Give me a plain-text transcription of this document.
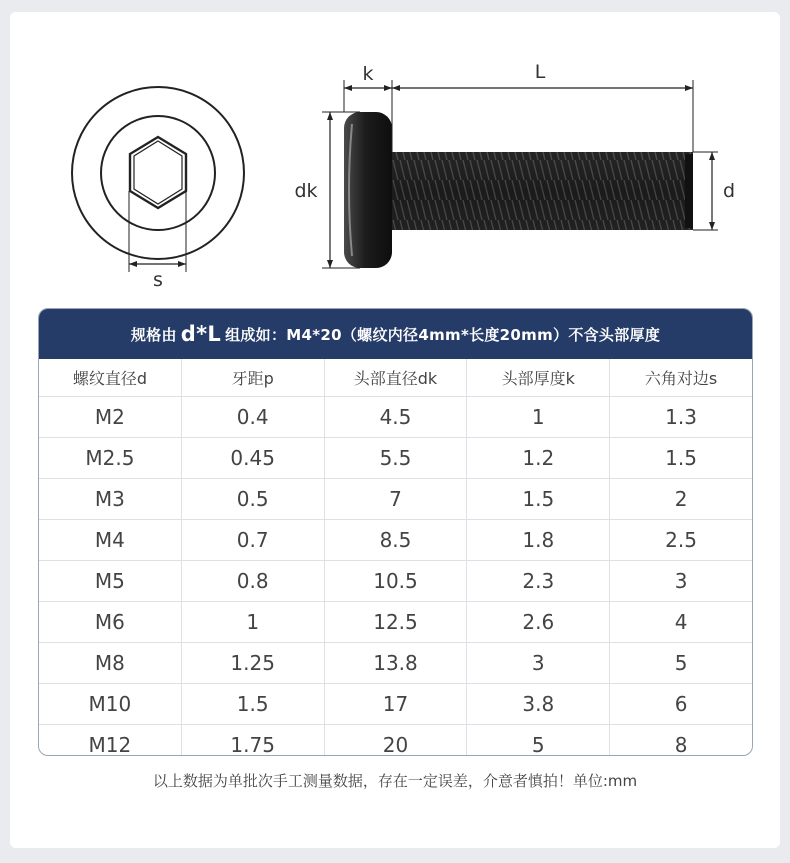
s
k	L
dk	d
规格由 d*L 组成如：M4*20（螺纹内径4mm*长度20mm）不含头部厚度
螺纹直径d	牙距p	头部直径dk	头部厚度k	六角对边s
M2	0.4	4.5	1	1.3
M2.5	0.45	5.5	1.2	1.5
M3	0.5	7	1.5	2
M4	0.7	8.5	1.8	2.5
M5	0.8	10.5	2.3	3
M6	1	12.5	2.6	4
M8	1.25	13.8	3	5
M10	1.5	17	3.8	6
M12	1.75	20	5	8
以上数据为单批次手工测量数据，存在一定误差，介意者慎拍！单位:mm
